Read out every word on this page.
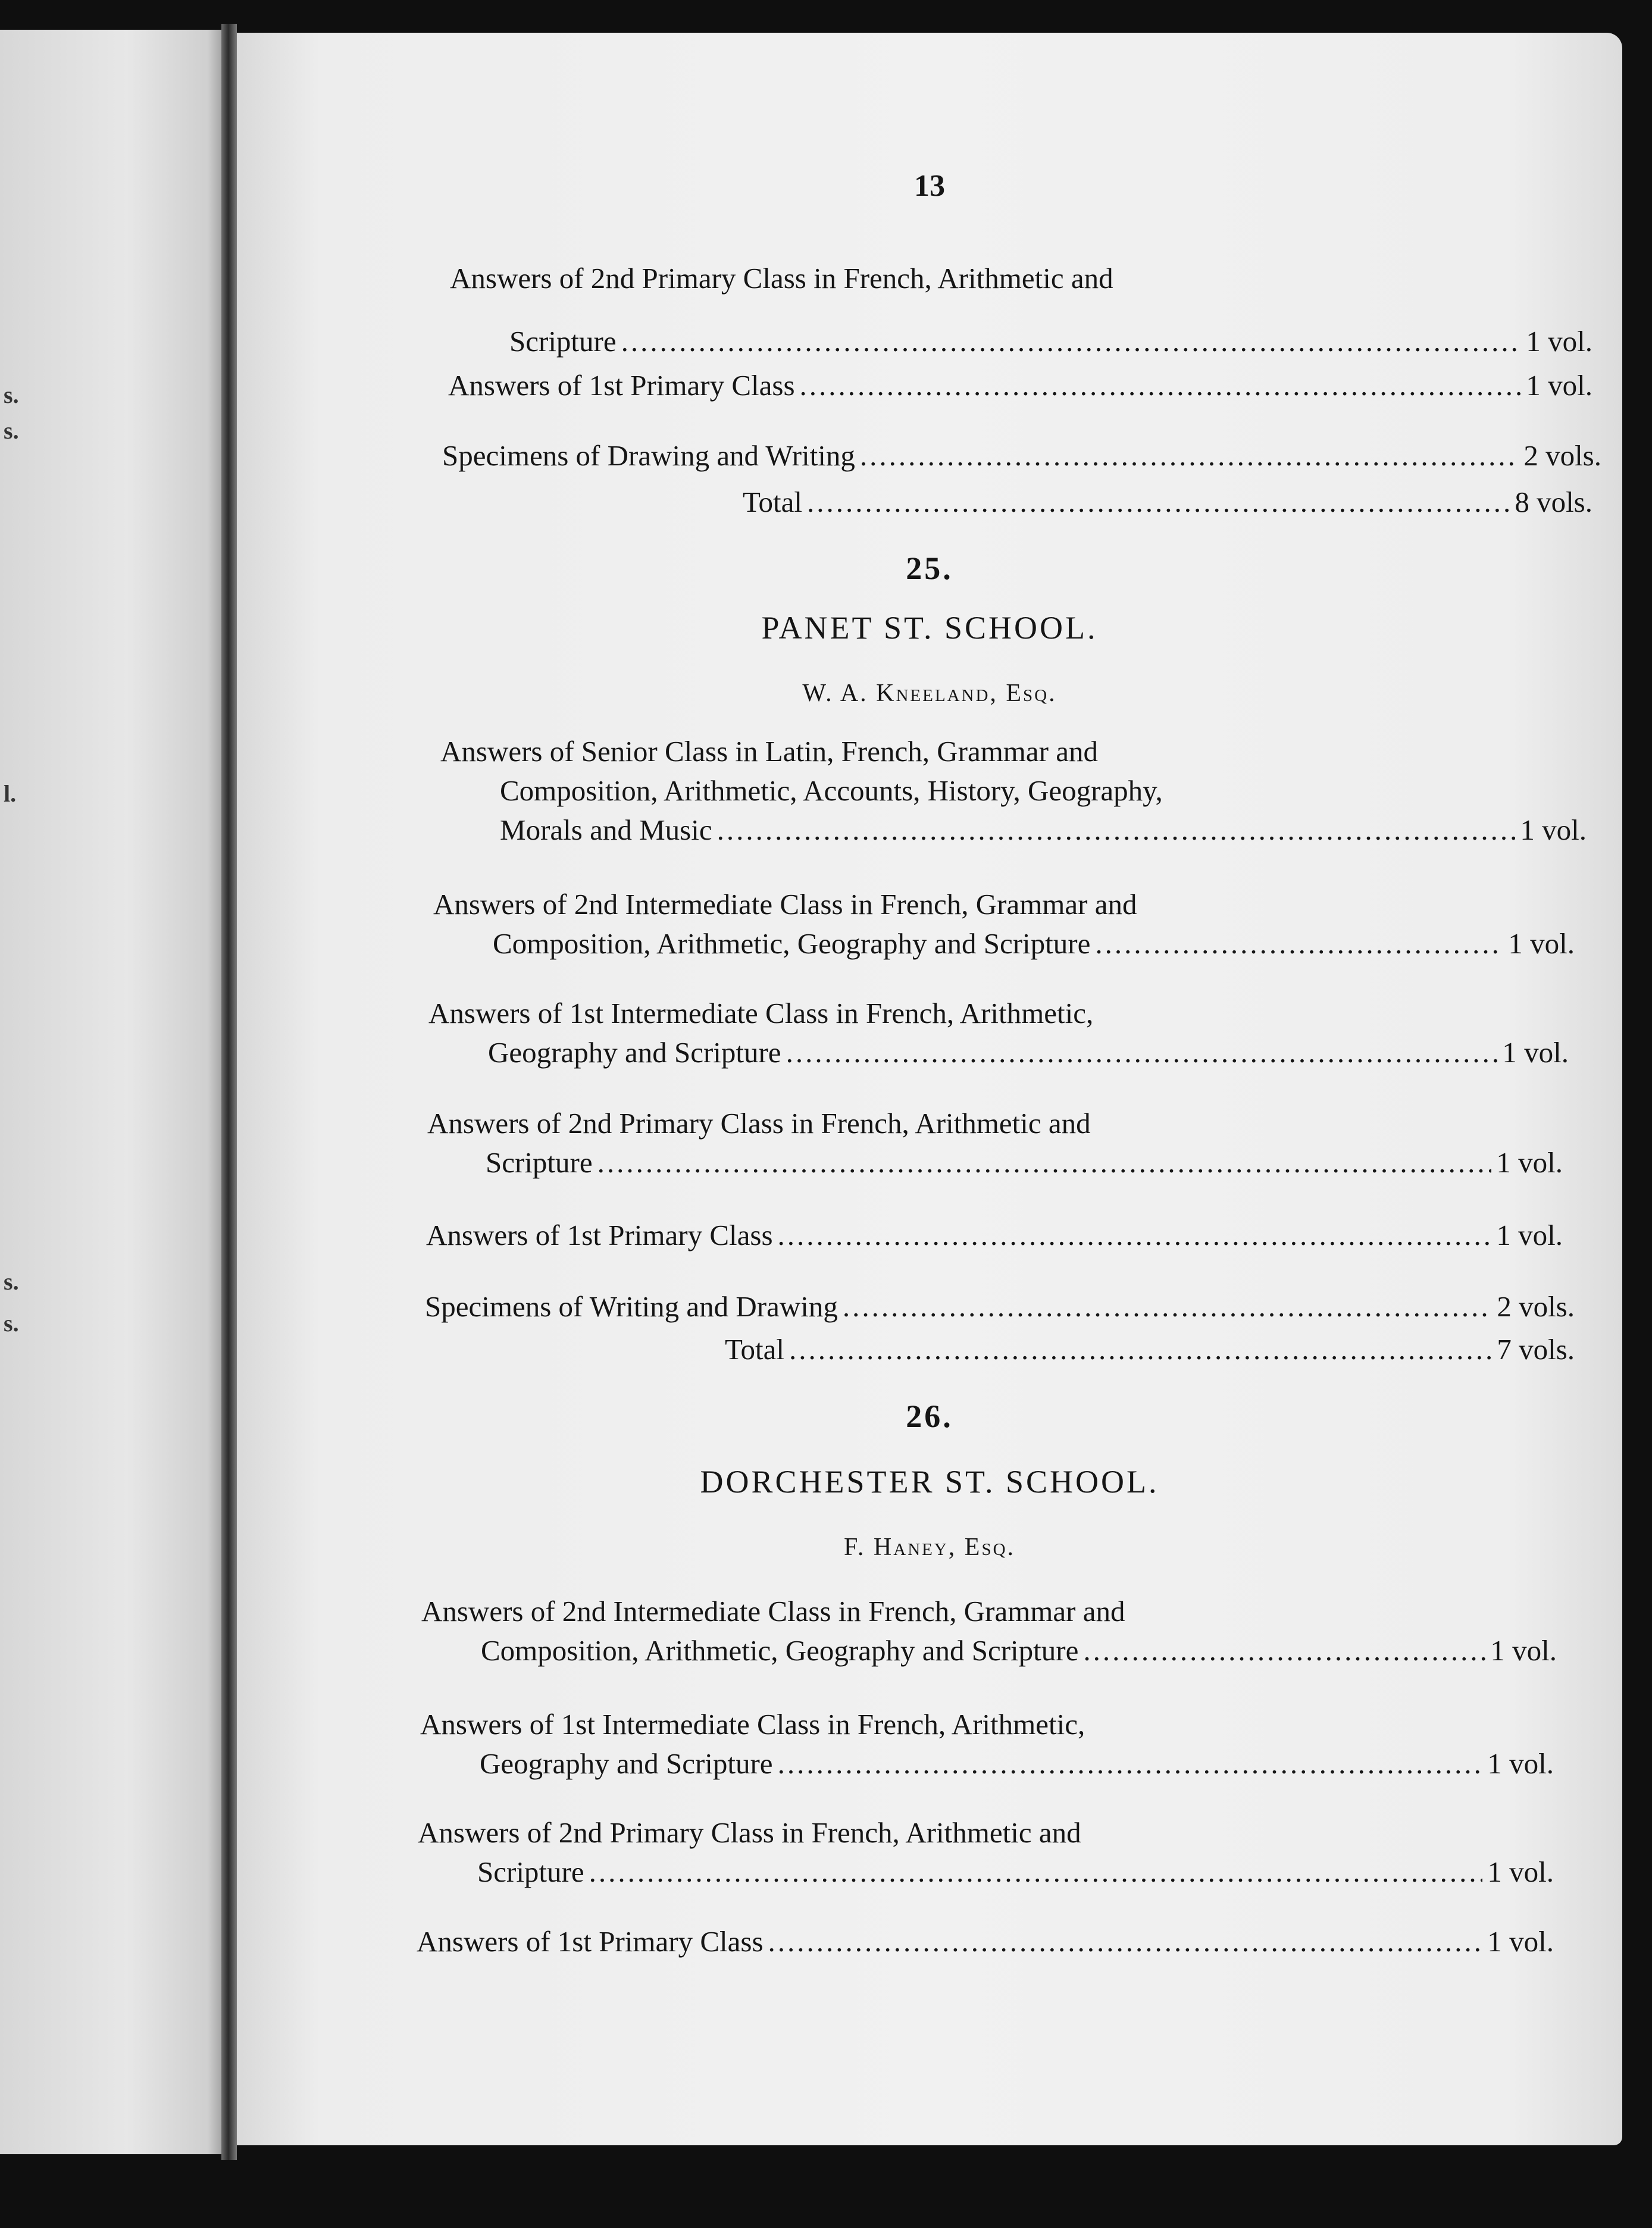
s.
s.
l.
s.
s.
13
Answers of 2nd Primary Class in French, Arithmetic and
Scripture .....	1 vol.
Answers of 1st Primary Class .....	1 vol.
Specimens of Drawing and Writing .....	2 vols.
Total .....	8 vols.
25.
PANET ST. SCHOOL.
W. A. Kneeland, Esq.
Answers of Senior Class in Latin, French, Grammar and
Composition, Arithmetic, Accounts, History, Geography,
Morals and Music .....	1 vol.
Answers of 2nd Intermediate Class in French, Grammar and
Composition, Arithmetic, Geography and Scripture .....	1 vol.
Answers of 1st Intermediate Class in French, Arithmetic,
Geography and Scripture .....	1 vol.
Answers of 2nd Primary Class in French, Arithmetic and
Scripture .....	1 vol.
Answers of 1st Primary Class .....	1 vol.
Specimens of Writing and Drawing .....	2 vols.
Total .....	7 vols.
26.
DORCHESTER ST. SCHOOL.
F. Haney, Esq.
Answers of 2nd Intermediate Class in French, Grammar and
Composition, Arithmetic, Geography and Scripture .....	1 vol.
Answers of 1st Intermediate Class in French, Arithmetic,
Geography and Scripture .....	1 vol.
Answers of 2nd Primary Class in French, Arithmetic and
Scripture .....	1 vol.
Answers of 1st Primary Class .....	1 vol.
